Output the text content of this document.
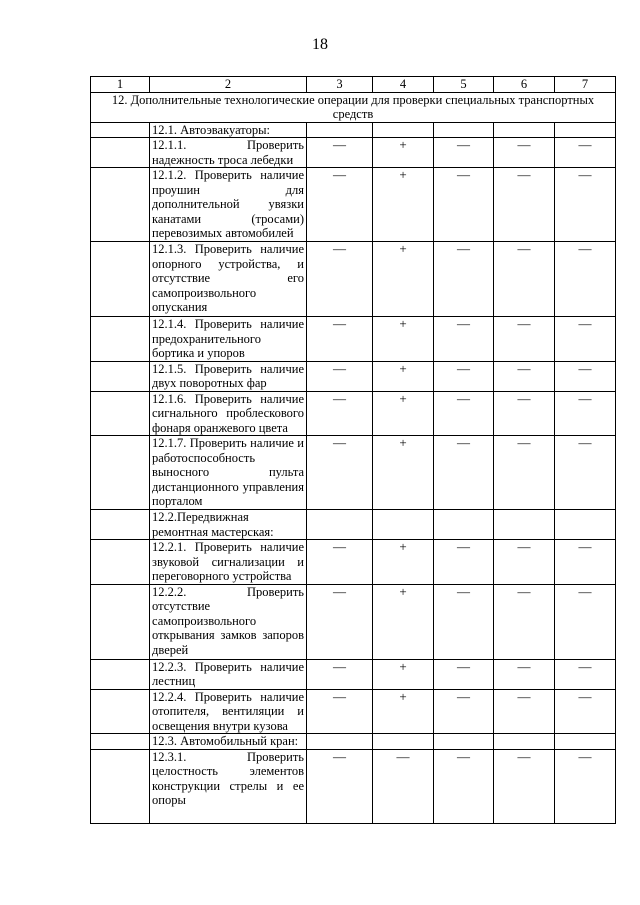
18
1	2	3	4	5	6	7
12. Дополнительные технологические операции для проверки специальных транспортных средств						
	12.1. Автоэвакуаторы:					
	12.1.1. Проверить надежность троса лебедки	—	+	—	—	—
	12.1.2. Проверить наличие проушин для дополнительной увязки канатами (тросами) перевозимых автомобилей	—	+	—	—	—
	12.1.3. Проверить наличие опорного устройства, и отсутствие его самопроизвольного опускания	—	+	—	—	—
	12.1.4. Проверить наличие предохранительного бортика и упоров	—	+	—	—	—
	12.1.5. Проверить наличие двух поворотных фар	—	+	—	—	—
	12.1.6. Проверить наличие сигнального проблескового фонаря оранжевого цвета	—	+	—	—	—
	12.1.7. Проверить наличие и работоспособность выносного пульта дистанционного управления порталом	—	+	—	—	—
	12.2.Передвижная ремонтная мастерская:					
	12.2.1. Проверить наличие звуковой сигнализации и переговорного устройства	—	+	—	—	—
	12.2.2. Проверить отсутствие самопроизвольного открывания замков запоров дверей	—	+	—	—	—
	12.2.3. Проверить наличие лестниц	—	+	—	—	—
	12.2.4. Проверить наличие отопителя, вентиляции и освещения внутри кузова	—	+	—	—	—
	12.3. Автомобильный кран:					
	12.3.1. Проверить целостность элементов конструкции стрелы и ее опоры	—	—	—	—	—
